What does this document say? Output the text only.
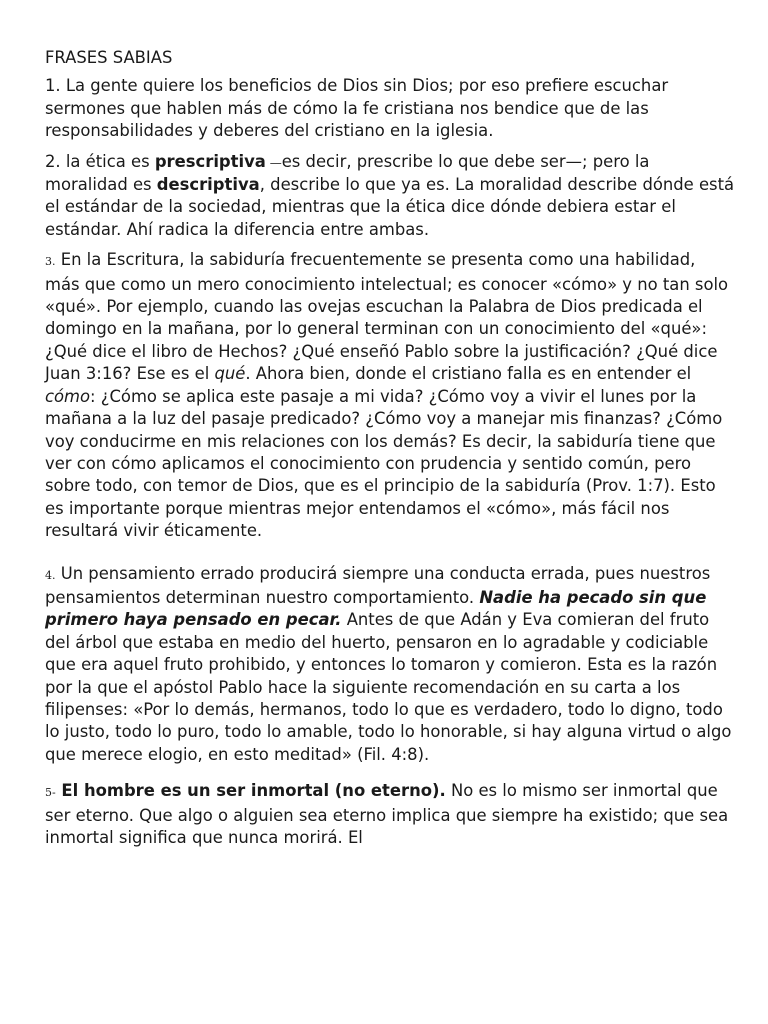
FRASES SABIAS

1. La gente quiere los beneficios de Dios sin Dios; por eso prefiere escuchar sermones que hablen más de cómo la fe cristiana nos bendice que de las responsabilidades y deberes del cristiano en la iglesia.

2. la ética es prescriptiva —es decir, prescribe lo que debe ser—; pero la moralidad es descriptiva, describe lo que ya es. La moralidad describe dónde está el estándar de la sociedad, mientras que la ética dice dónde debiera estar el estándar. Ahí radica la diferencia entre ambas.

3. En la Escritura, la sabiduría frecuentemente se presenta como una habilidad, más que como un mero conocimiento intelectual; es conocer «cómo» y no tan solo «qué». Por ejemplo, cuando las ovejas escuchan la Palabra de Dios predicada el domingo en la mañana, por lo general terminan con un conocimiento del «qué»: ¿Qué dice el libro de Hechos? ¿Qué enseñó Pablo sobre la justificación? ¿Qué dice Juan 3:16? Ese es el qué. Ahora bien, donde el cristiano falla es en entender el cómo: ¿Cómo se aplica este pasaje a mi vida? ¿Cómo voy a vivir el lunes por la mañana a la luz del pasaje predicado? ¿Cómo voy a manejar mis finanzas? ¿Cómo voy conducirme en mis relaciones con los demás? Es decir, la sabiduría tiene que ver con cómo aplicamos el conocimiento con prudencia y sentido común, pero sobre todo, con temor de Dios, que es el principio de la sabiduría (Prov. 1:7). Esto es importante porque mientras mejor entendamos el «cómo», más fácil nos resultará vivir éticamente.

4. Un pensamiento errado producirá siempre una conducta errada, pues nuestros pensamientos determinan nuestro comportamiento. Nadie ha pecado sin que primero haya pensado en pecar. Antes de que Adán y Eva comieran del fruto del árbol que estaba en medio del huerto, pensaron en lo agradable y codiciable que era aquel fruto prohibido, y entonces lo tomaron y comieron. Esta es la razón por la que el apóstol Pablo hace la siguiente recomendación en su carta a los filipenses: «Por lo demás, hermanos, todo lo que es verdadero, todo lo digno, todo lo justo, todo lo puro, todo lo amable, todo lo honorable, si hay alguna virtud o algo que merece elogio, en esto meditad» (Fil. 4:8).

5- El hombre es un ser inmortal (no eterno). No es lo mismo ser inmortal que ser eterno. Que algo o alguien sea eterno implica que siempre ha existido; que sea inmortal significa que nunca morirá. El
